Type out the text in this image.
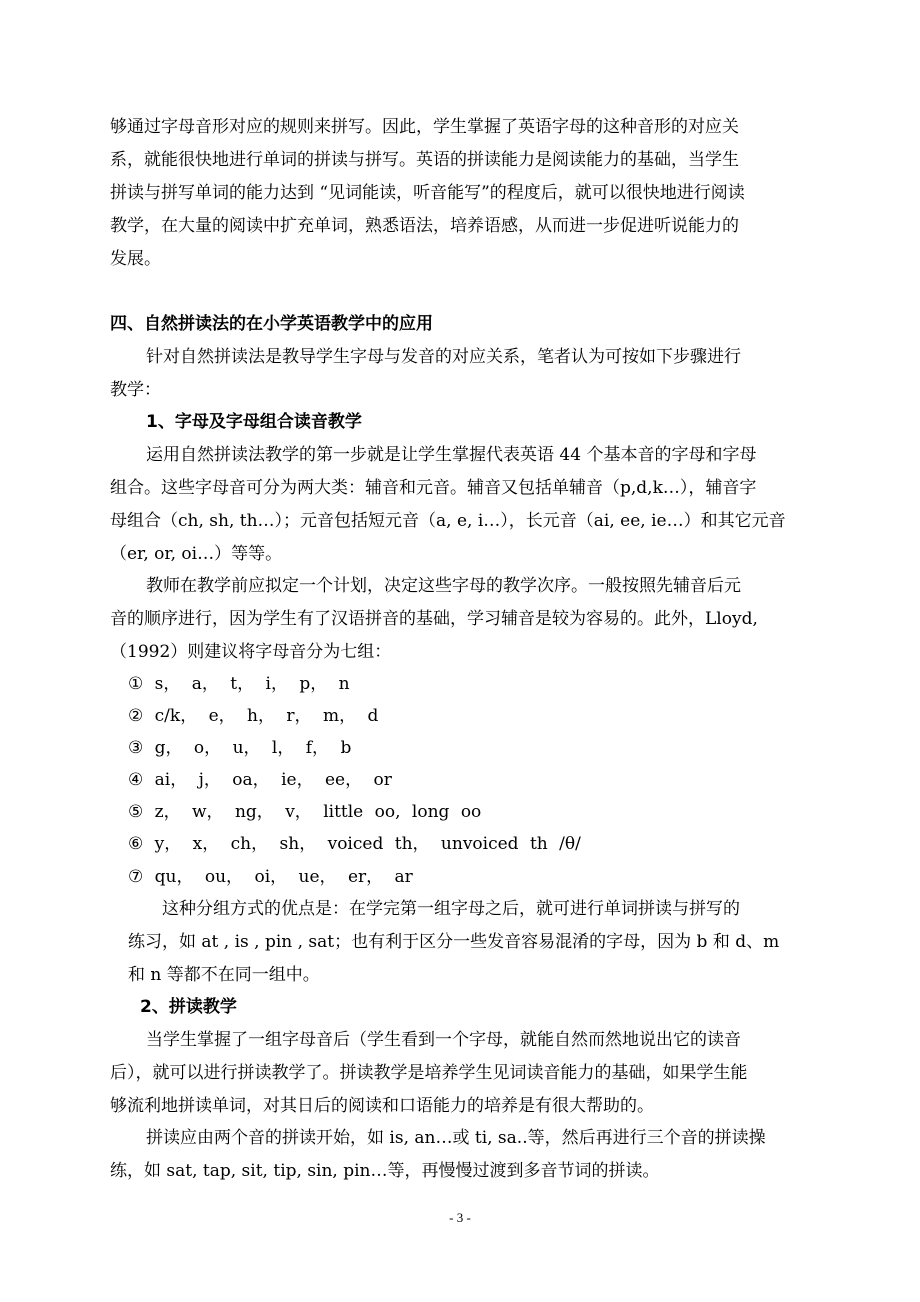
够通过字母音形对应的规则来拼写。因此，学生掌握了英语字母的这种音形的对应关
系，就能很快地进行单词的拼读与拼写。英语的拼读能力是阅读能力的基础，当学生
拼读与拼写单词的能力达到 “见词能读，听音能写”的程度后，就可以很快地进行阅读
教学，在大量的阅读中扩充单词，熟悉语法，培养语感，从而进一步促进听说能力的
发展。
四、自然拼读法的在小学英语教学中的应用
针对自然拼读法是教导学生字母与发音的对应关系，笔者认为可按如下步骤进行
教学：
1、字母及字母组合读音教学
运用自然拼读法教学的第一步就是让学生掌握代表英语 44 个基本音的字母和字母
组合。这些字母音可分为两大类：辅音和元音。辅音又包括单辅音（p,d,k…），辅音字
母组合（ch, sh, th…）；元音包括短元音（a, e, i…），长元音（ai, ee, ie…）和其它元音
（er, or, oi…）等等。
教师在教学前应拟定一个计划，决定这些字母的教学次序。一般按照先辅音后元
音的顺序进行，因为学生有了汉语拼音的基础，学习辅音是较为容易的。此外，Lloyd,
（1992）则建议将字母音分为七组：
① s， a， t， i， p， n
② c/k， e， h， r， m， d
③ g， o， u， l， f， b
④ ai， j， oa， ie， ee， or
⑤ z， w， ng， v， little oo, long oo
⑥ y， x， ch， sh， voiced th， unvoiced th /θ/
⑦ qu， ou， oi， ue， er， ar
这种分组方式的优点是：在学完第一组字母之后，就可进行单词拼读与拼写的
练习，如 at , is , pin , sat；也有利于区分一些发音容易混淆的字母，因为 b 和 d、m
和 n 等都不在同一组中。
2、拼读教学
当学生掌握了一组字母音后（学生看到一个字母，就能自然而然地说出它的读音
后），就可以进行拼读教学了。拼读教学是培养学生见词读音能力的基础，如果学生能
够流利地拼读单词，对其日后的阅读和口语能力的培养是有很大帮助的。
拼读应由两个音的拼读开始，如 is, an…或 ti, sa..等，然后再进行三个音的拼读操
练，如 sat, tap, sit, tip, sin, pin…等，再慢慢过渡到多音节词的拼读。
- 3 -
